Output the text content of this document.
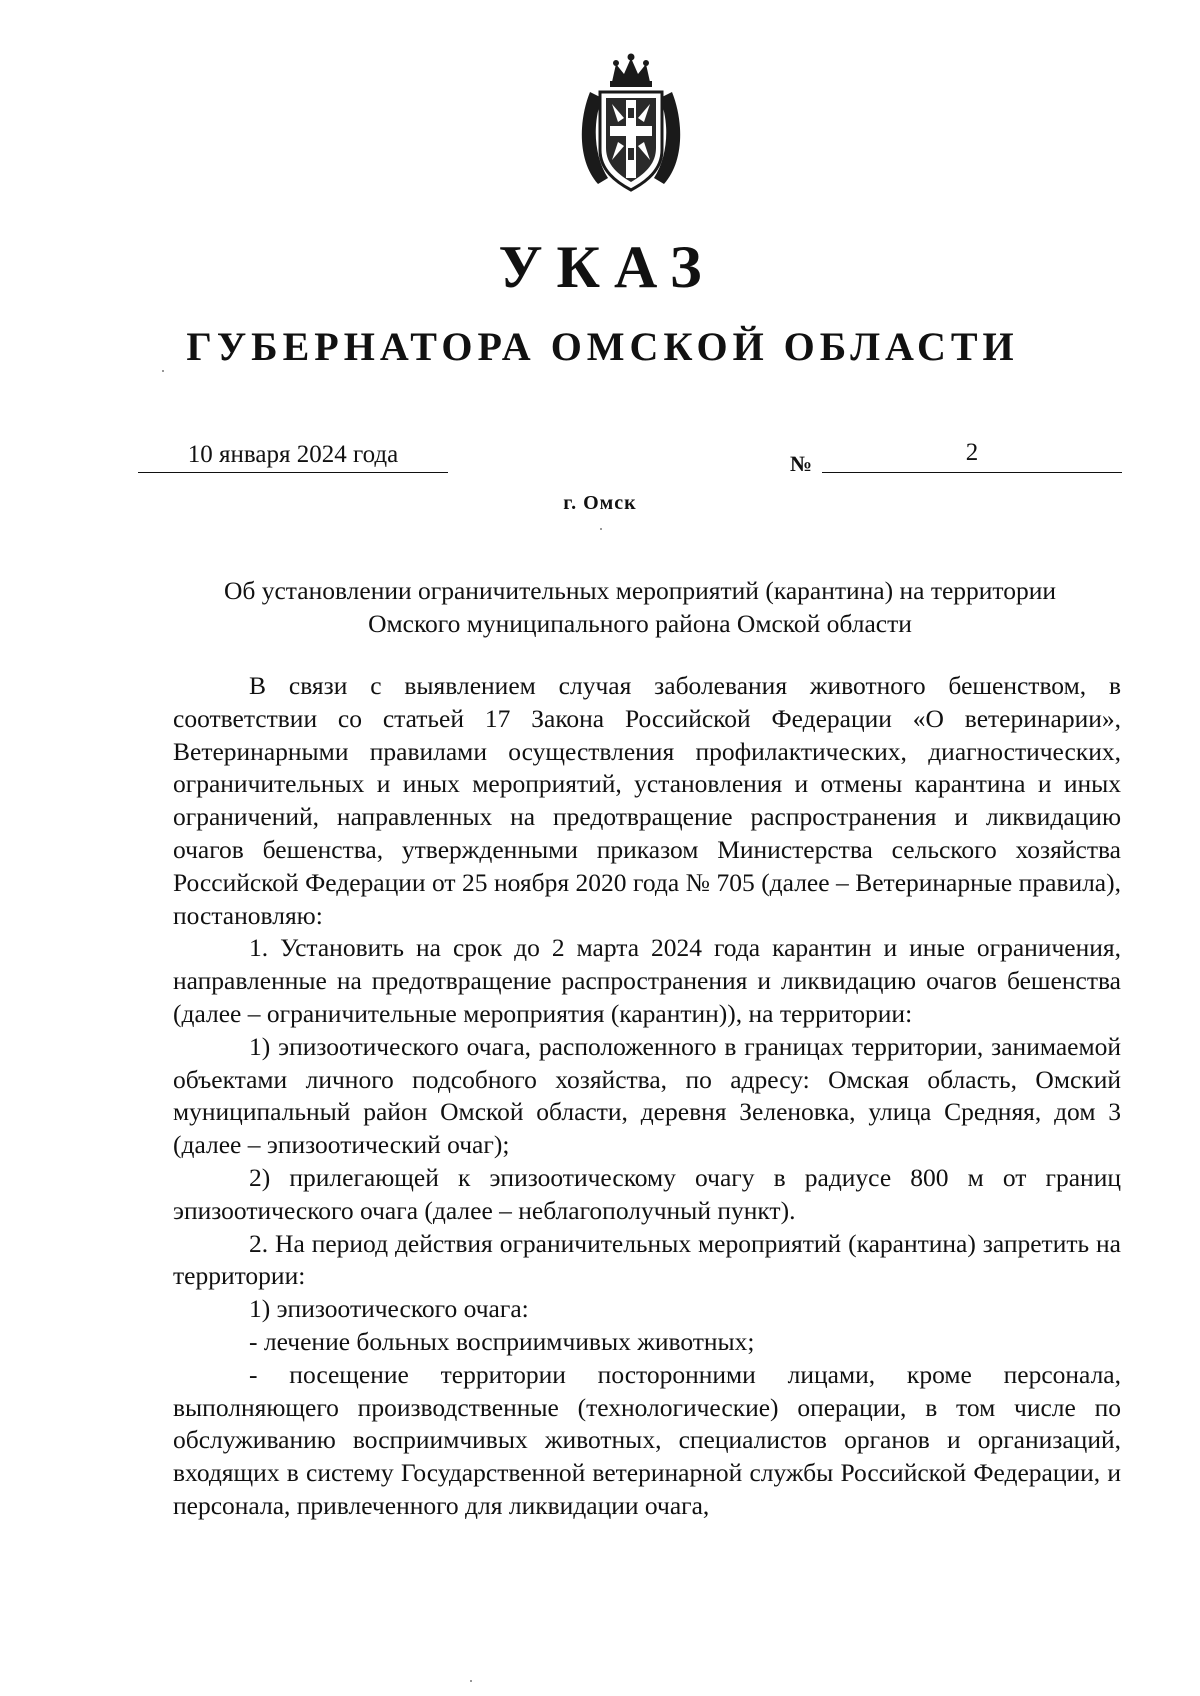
УКАЗ
ГУБЕРНАТОРА ОМСКОЙ ОБЛАСТИ
10 января 2024 года	№	2
г. Омск
Об установлении ограничительных мероприятий (карантина) на территории
Омского муниципального района Омской области

В связи с выявлением случая заболевания животного бешенством, в соответствии со статьей 17 Закона Российской Федерации «О ветеринарии», Ветеринарными правилами осуществления профилактических, диагностических, ограничительных и иных мероприятий, установления и отмены карантина и иных ограничений, направленных на предотвращение распространения и ликвидацию очагов бешенства, утвержденными приказом Министерства сельского хозяйства Российской Федерации от 25 ноября 2020 года № 705 (далее – Ветеринарные правила), постановляю:

1. Установить на срок до 2 марта 2024 года карантин и иные ограничения, направленные на предотвращение распространения и ликвидацию очагов бешенства (далее – ограничительные мероприятия (карантин)), на территории:

1) эпизоотического очага, расположенного в границах территории, занимаемой объектами личного подсобного хозяйства, по адресу: Омская область, Омский муниципальный район Омской области, деревня Зеленовка, улица Средняя, дом 3 (далее – эпизоотический очаг);

2) прилегающей к эпизоотическому очагу в радиусе 800 м от границ эпизоотического очага (далее – неблагополучный пункт).

2. На период действия ограничительных мероприятий (карантина) запретить на территории:

1) эпизоотического очага:

- лечение больных восприимчивых животных;

- посещение территории посторонними лицами, кроме персонала, выполняющего производственные (технологические) операции, в том числе по обслуживанию восприимчивых животных, специалистов органов и организаций, входящих в систему Государственной ветеринарной службы Российской Федерации, и персонала, привлеченного для ликвидации очага,
